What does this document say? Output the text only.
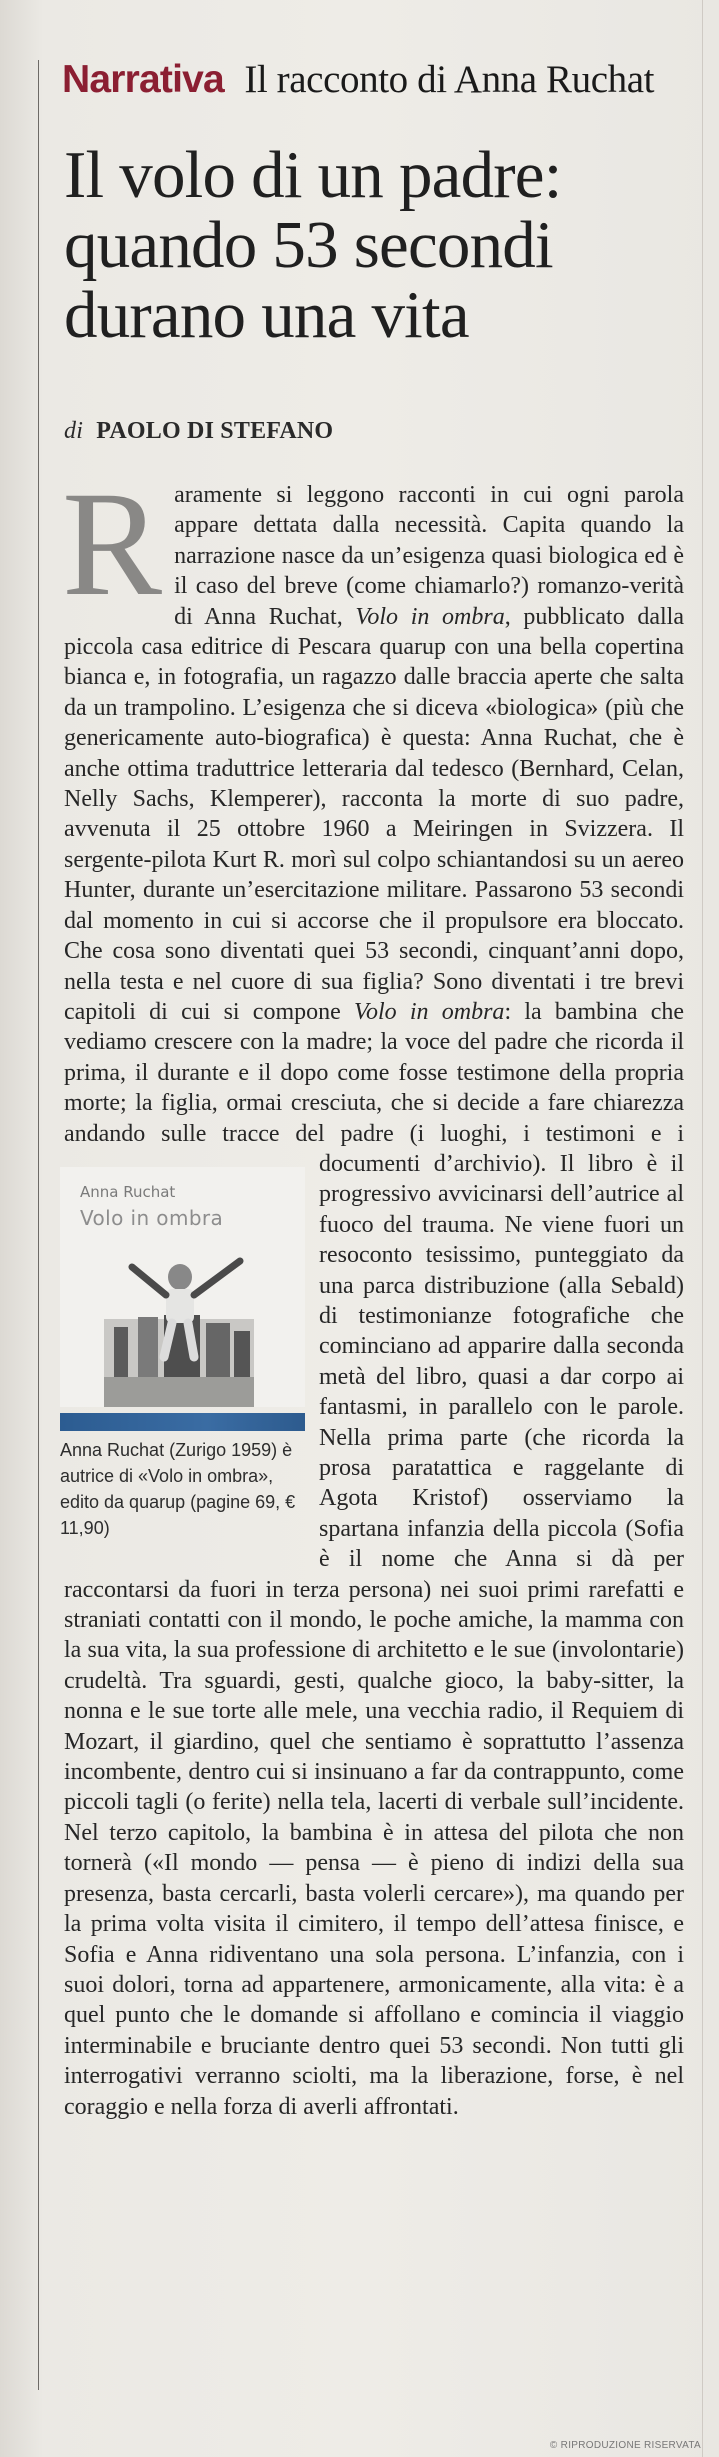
Narrativa Il racconto di Anna Ruchat
Il volo di un padre: quando 53 secondi durano una vita

di PAOLO DI STEFANO

R aramente si leggono racconti in cui ogni parola appare dettata dalla necessità. Capita quando la narrazione nasce da un’esigenza quasi biologica ed è il caso del breve (come chiamarlo?) romanzo-verità di Anna Ruchat, Volo in ombra, pubblicato dalla piccola casa editrice di Pescara quarup con una bella copertina bianca e, in fotografia, un ragazzo dalle braccia aperte che salta da un trampolino. L’esigenza che si diceva «biologica» (più che genericamente auto-biografica) è questa: Anna Ruchat, che è anche ottima traduttrice letteraria dal tedesco (Bernhard, Celan, Nelly Sachs, Klemperer), racconta la morte di suo padre, avvenuta il 25 ottobre 1960 a Meiringen in Svizzera. Il sergente-pilota Kurt R. morì sul colpo schiantandosi su un aereo Hunter, durante un’esercitazione militare. Passarono 53 secondi dal momento in cui si accorse che il propulsore era bloccato. Che cosa sono diventati quei 53 secondi, cinquant’anni dopo, nella testa e nel cuore di sua figlia? Sono diventati i tre brevi capitoli di cui si compone Volo in ombra: la bambina che vediamo crescere con la madre; la voce del padre che ricorda il prima, il durante e il dopo come fosse testimone della propria morte; la figlia, ormai cresciuta, che si decide a fare chiarezza andando sulle tracce del padre (i luoghi, i testimoni e i documenti d’archivio).
Anna Ruchat
Volo in ombra

Anna Ruchat (Zurigo 1959) è autrice di «Volo in ombra», edito da quarup (pagine 69, € 11,90)

Il libro è il progressivo avvicinarsi dell’autrice al fuoco del trauma. Ne viene fuori un resoconto tesissimo, punteggiato da una parca distribuzione (alla Sebald) di testimonianze fotografiche che cominciano ad apparire dalla seconda metà del libro, quasi a dar corpo ai fantasmi, in parallelo con le parole. Nella prima parte (che ricorda la prosa paratattica e raggelante di Agota Kristof) osserviamo la spartana infanzia della piccola (Sofia è il nome che Anna si dà per raccontarsi da fuori in terza persona) nei suoi primi rarefatti e straniati contatti con il mondo, le poche amiche, la mamma con la sua vita, la sua professione di architetto e le sue (involontarie) crudeltà. Tra sguardi, gesti, qualche gioco, la baby-sitter, la nonna e le sue torte alle mele, una vecchia radio, il Requiem di Mozart, il giardino, quel che sentiamo è soprattutto l’assenza incombente, dentro cui si insinuano a far da contrappunto, come piccoli tagli (o ferite) nella tela, lacerti di verbale sull’incidente. Nel terzo capitolo, la bambina è in attesa del pilota che non tornerà («Il mondo — pensa — è pieno di indizi della sua presenza, basta cercarli, basta volerli cercare»), ma quando per la prima volta visita il cimitero, il tempo dell’attesa finisce, e Sofia e Anna ridiventano una sola persona. L’infanzia, con i suoi dolori, torna ad appartenere, armonicamente, alla vita: è a quel punto che le domande si affollano e comincia il viaggio interminabile e bruciante dentro quei 53 secondi. Non tutti gli interrogativi verranno sciolti, ma la liberazione, forse, è nel coraggio e nella forza di averli affrontati.
© RIPRODUZIONE RISERVATA
